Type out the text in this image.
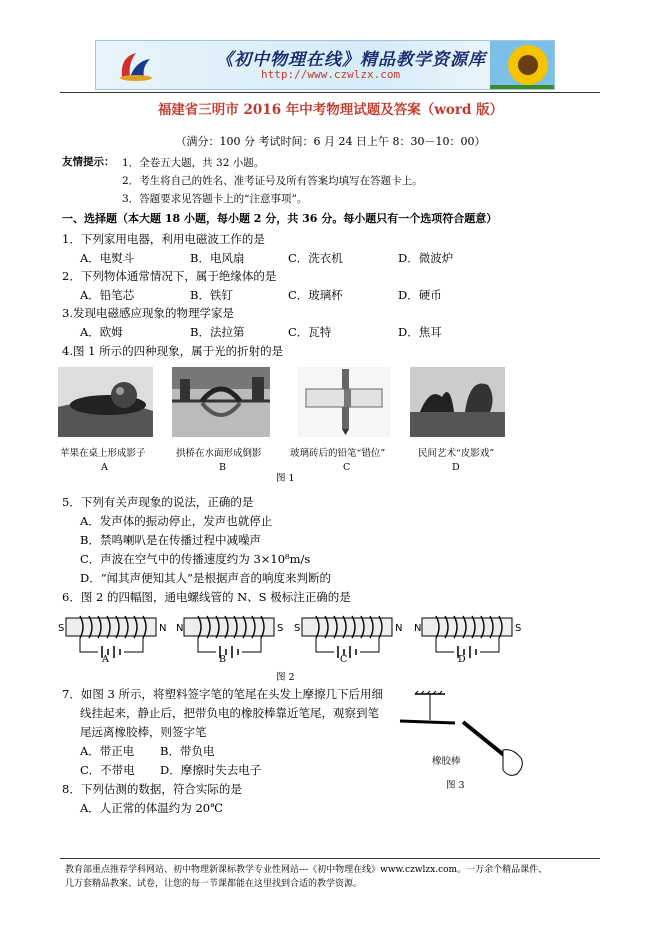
《初中物理在线》精品教学资源库
http://www.czwlzx.com
福建省三明市 2016 年中考物理试题及答案（word 版）
（满分：100 分 考试时间：6 月 24 日上午 8：30－10：00）
友情提示： 1．全卷五大题，共 32 小题。
2．考生将自己的姓名、准考证号及所有答案均填写在答题卡上。
3．答题要求见答题卡上的“注意事项”。
一、选择题（本大题 18 小题，每小题 2 分，共 36 分。每小题只有一个选项符合题意）
1．下列家用电器，利用电磁波工作的是
A．电熨斗	B．电风扇	C．洗衣机	D．微波炉
2．下列物体通常情况下，属于绝缘体的是
A．铅笔芯	B．铁钉	C．玻璃杯	D．硬币
3.发现电磁感应现象的物理学家是
A．欧姆	B．法拉第	C．瓦特	D．焦耳
4.图 1 所示的四种现象，属于光的折射的是
苹果在桌上形成影子	拱桥在水面形成倒影	玻璃砖后的铅笔“错位”	民间艺术“皮影戏”
A	B	C	D
图 1
5．下列有关声现象的说法，正确的是
A．发声体的振动停止，发声也就停止
B．禁鸣喇叭是在传播过程中减噪声
C．声波在空气中的传播速度约为 3×10⁸m/s
D．“闻其声便知其人”是根据声音的响度来判断的
6．图 2 的四幅图，通电螺线管的 N、S 极标注正确的是
S	N N	S S	N N	S
A	B	C	D
图 2
7．如图 3 所示，将塑料签字笔的笔尾在头发上摩擦几下后用细
线挂起来，静止后，把带负电的橡胶棒靠近笔尾，观察到笔
尾远离橡胶棒，则签字笔
A．带正电 B．带负电
C．不带电 D．摩擦时失去电子
橡胶棒
图 3
8．下列估测的数据，符合实际的是
A．人正常的体温约为 20℃
教育部重点推荐学科网站、初中物理新课标教学专业性网站---《初中物理在线》www.czwlzx.com。一万余个精品课件、
几万套精品教案、试卷，让您的每一节课都能在这里找到合适的教学资源。
